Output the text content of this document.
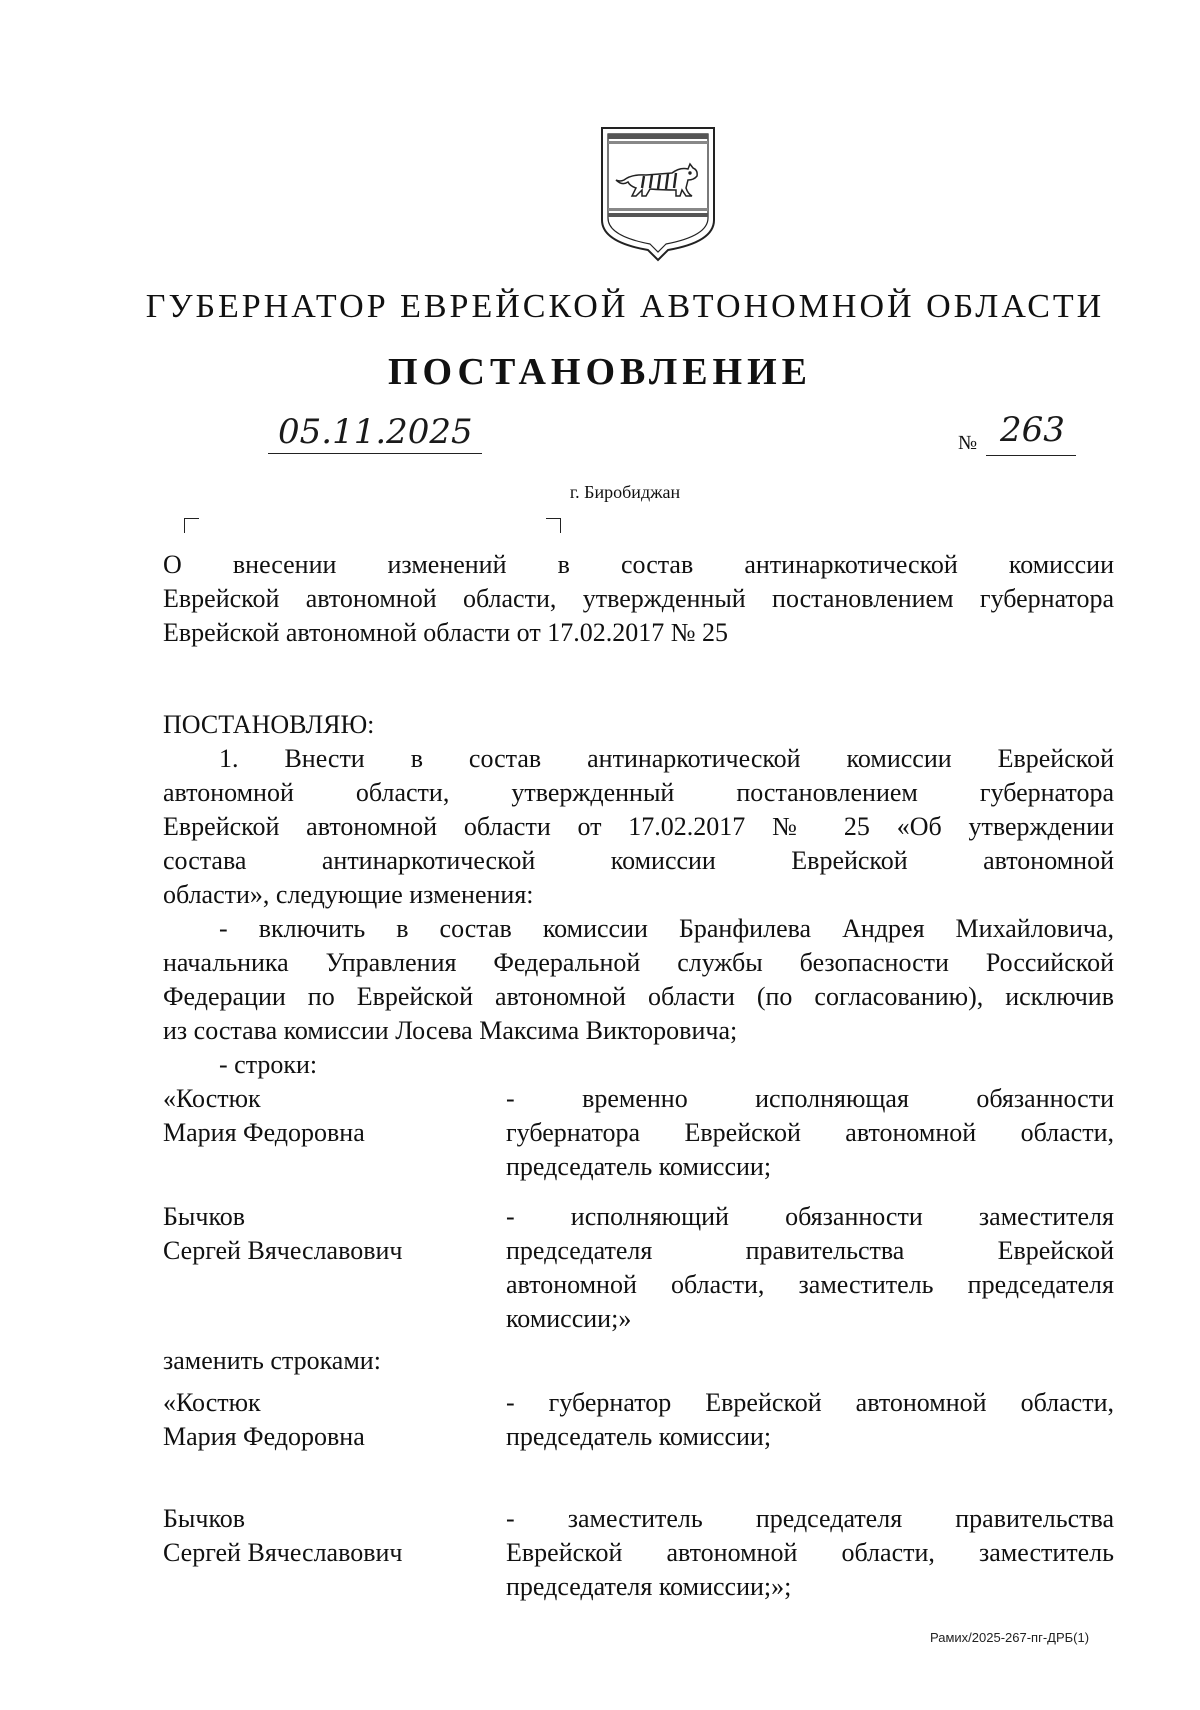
ГУБЕРНАТОР ЕВРЕЙСКОЙ АВТОНОМНОЙ ОБЛАСТИ
ПОСТАНОВЛЕНИЕ
05.11.2025	№ 263
г. Биробиджан
О внесении изменений в состав антинаркотической комиссии
Еврейской автономной области, утвержденный постановлением губернатора
Еврейской автономной области от 17.02.2017 № 25
ПОСТАНОВЛЯЮ:
1. Внести в состав антинаркотической комиссии Еврейской
автономной области, утвержденный постановлением губернатора
Еврейской автономной области от 17.02.2017 № 25 «Об утверждении
состава антинаркотической комиссии Еврейской автономной
области», следующие изменения:
- включить в состав комиссии Бранфилева Андрея Михайловича,
начальника Управления Федеральной службы безопасности Российской
Федерации по Еврейской автономной области (по согласованию), исключив
из состава комиссии Лосева Максима Викторовича;
- строки:
«Костюк
Мария Федоровна
- временно исполняющая обязанности
губернатора Еврейской автономной области,
председатель комиссии;
Бычков
Сергей Вячеславович
- исполняющий обязанности заместителя
председателя правительства Еврейской
автономной области, заместитель председателя
комиссии;»
заменить строками:
«Костюк
Мария Федоровна
- губернатор Еврейской автономной области,
председатель комиссии;
Бычков
Сергей Вячеславович
- заместитель председателя правительства
Еврейской автономной области, заместитель
председателя комиссии;»;
Рамих/2025-267-пг-ДРБ(1)
